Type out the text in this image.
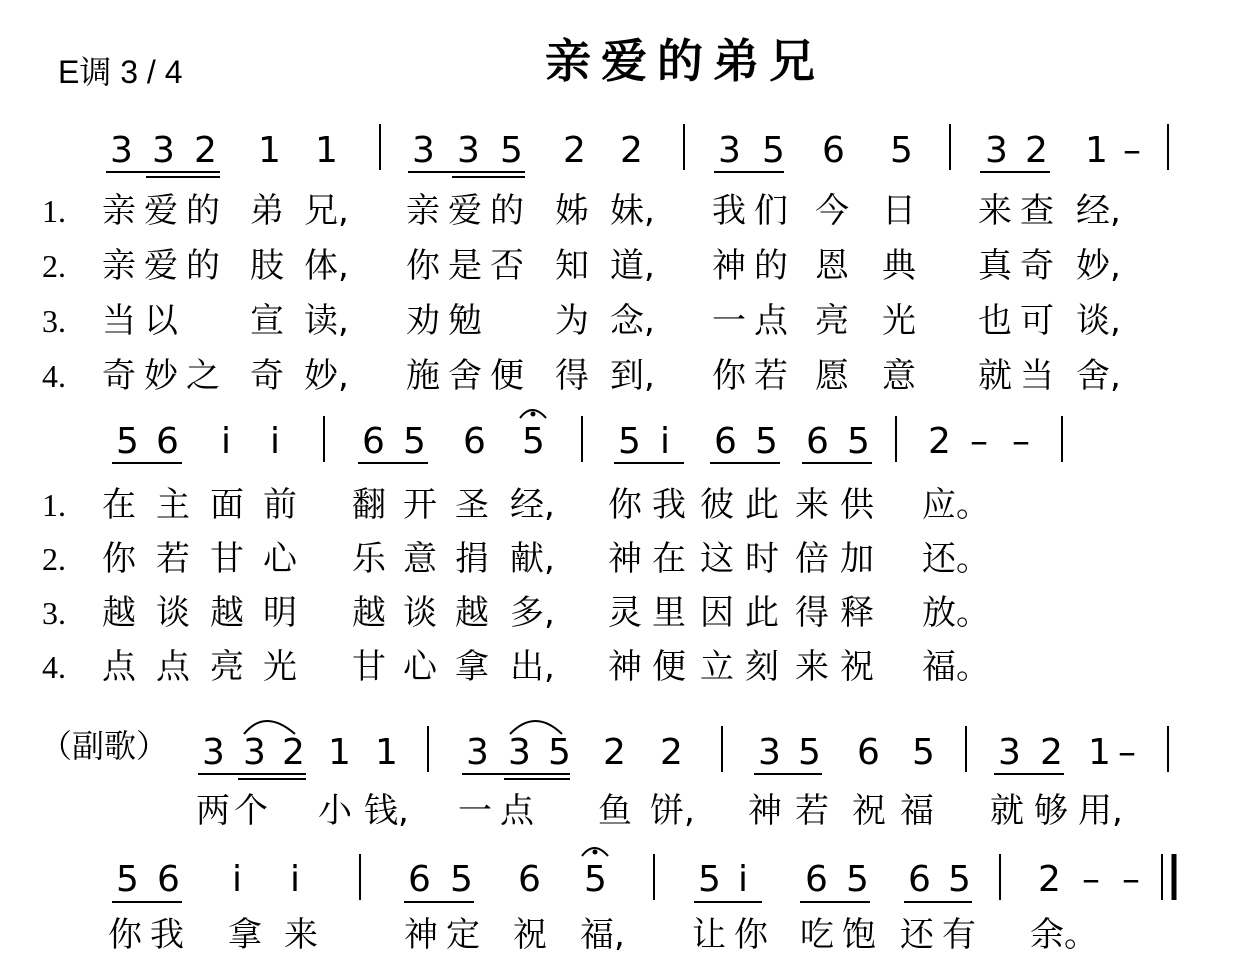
E调 3 / 4	亲爱的弟兄
3 3 2 1 1 3 3 5 2 2 3 5 6 5 3 2 1 –
1. 亲 爱 的 弟 兄, 亲 爱 的 姊 妹, 我 们 今 日 来 查 经,
2. 亲 爱 的 肢 体, 你 是 否 知 道, 神 的 恩 典 真 奇 妙,
3. 当 以 宣 读, 劝 勉 为 念, 一 点 亮 光 也 可 谈,
4. 奇 妙 之 奇 妙, 施 舍 便 得 到, 你 若 愿 意 就 当 舍,
5 6 i i 6 5 6 5 5 i 6 5 6 5 2 – –
1. 在 主 面 前 翻 开 圣 经, 你 我 彼 此 来 供 应。
2. 你 若 甘 心 乐 意 捐 献, 神 在 这 时 倍 加 还。
3. 越 谈 越 明 越 谈 越 多, 灵 里 因 此 得 释 放。
4. 点 点 亮 光 甘 心 拿 出, 神 便 立 刻 来 祝 福。
（副歌） 3 3 2 1 1 3 3 5 2 2 3 5 6 5 3 2 1 –
两 个 小 钱, 一 点 鱼 饼, 神 若 祝 福 就 够 用,
5 6 i i	6 5 6 5	5 i 6 5 6 5 2 – –
你 我 拿 来	神 定 祝 福, 让 你 吃 饱 还 有 余。
